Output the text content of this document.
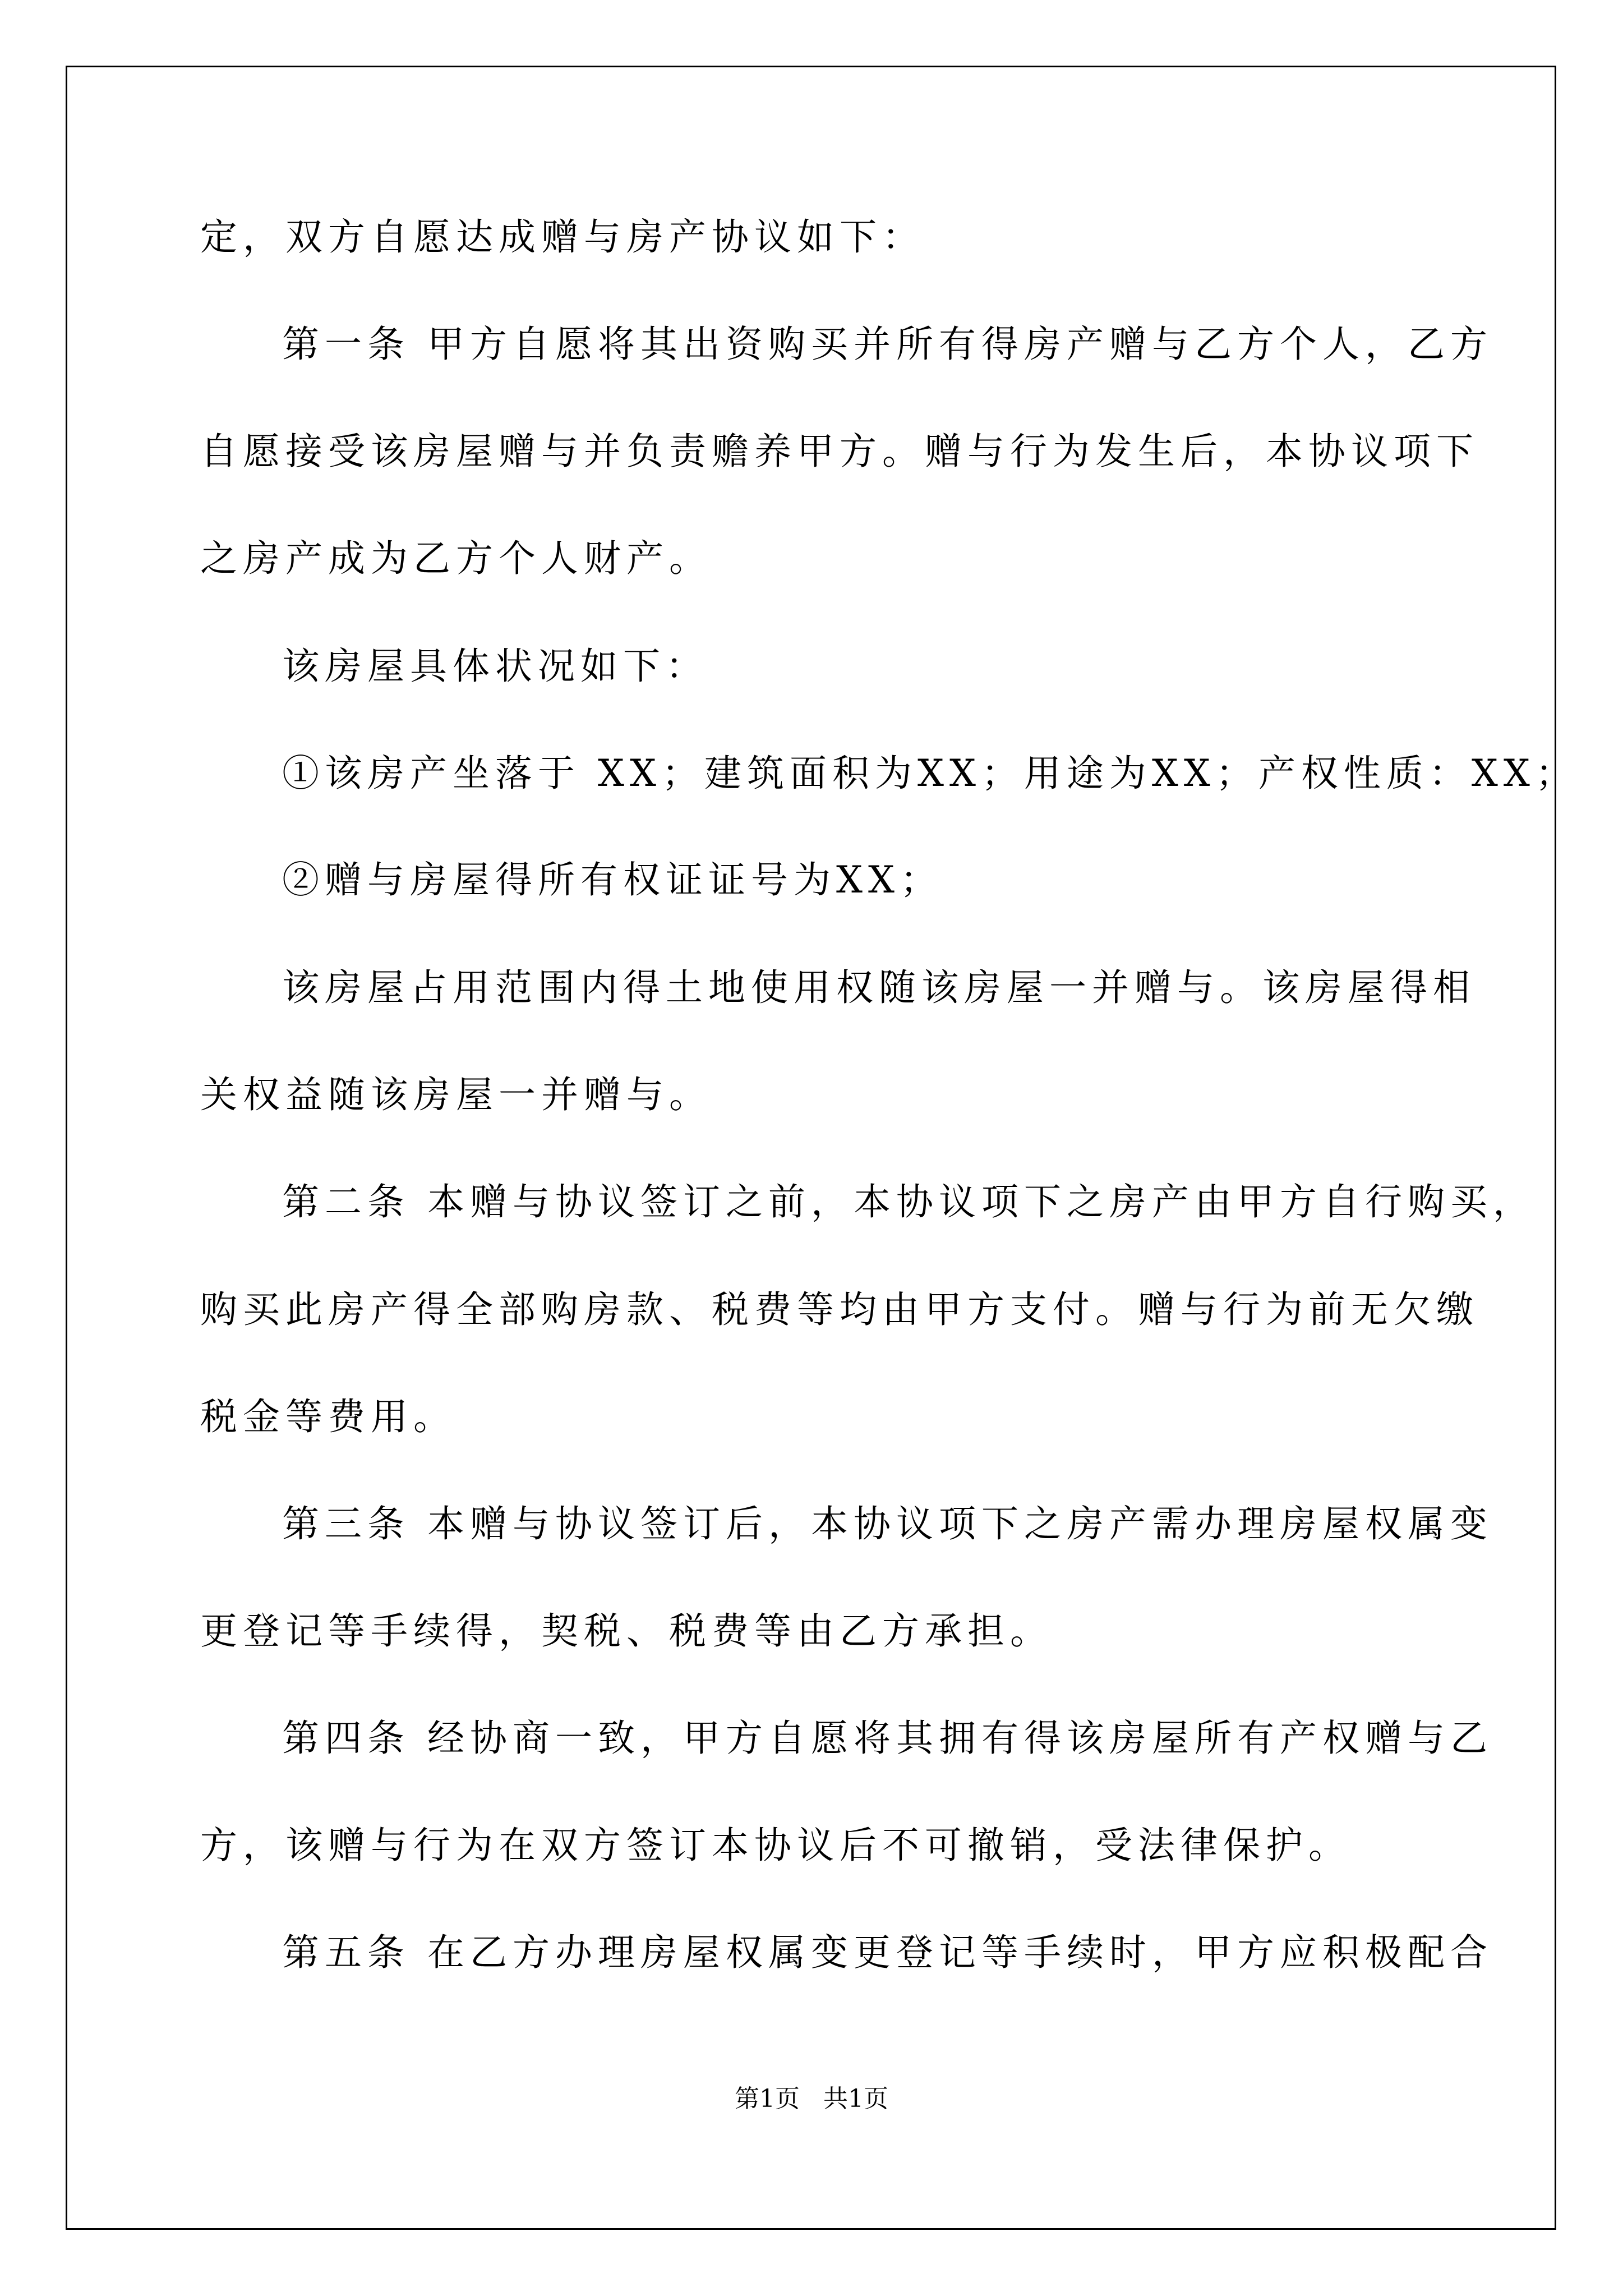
定，双方自愿达成赠与房产协议如下：
第一条 甲方自愿将其出资购买并所有得房产赠与乙方个人，乙方
自愿接受该房屋赠与并负责赡养甲方。赠与行为发生后，本协议项下
之房产成为乙方个人财产。
该房屋具体状况如下：
①该房产坐落于 XX；建筑面积为XX；用途为XX；产权性质：XX；
②赠与房屋得所有权证证号为XX；
该房屋占用范围内得土地使用权随该房屋一并赠与。该房屋得相
关权益随该房屋一并赠与。
第二条 本赠与协议签订之前，本协议项下之房产由甲方自行购买，
购买此房产得全部购房款、税费等均由甲方支付。赠与行为前无欠缴
税金等费用。
第三条 本赠与协议签订后，本协议项下之房产需办理房屋权属变
更登记等手续得，契税、税费等由乙方承担。
第四条 经协商一致，甲方自愿将其拥有得该房屋所有产权赠与乙
方，该赠与行为在双方签订本协议后不可撤销，受法律保护。
第五条 在乙方办理房屋权属变更登记等手续时，甲方应积极配合
第1页   共1页
